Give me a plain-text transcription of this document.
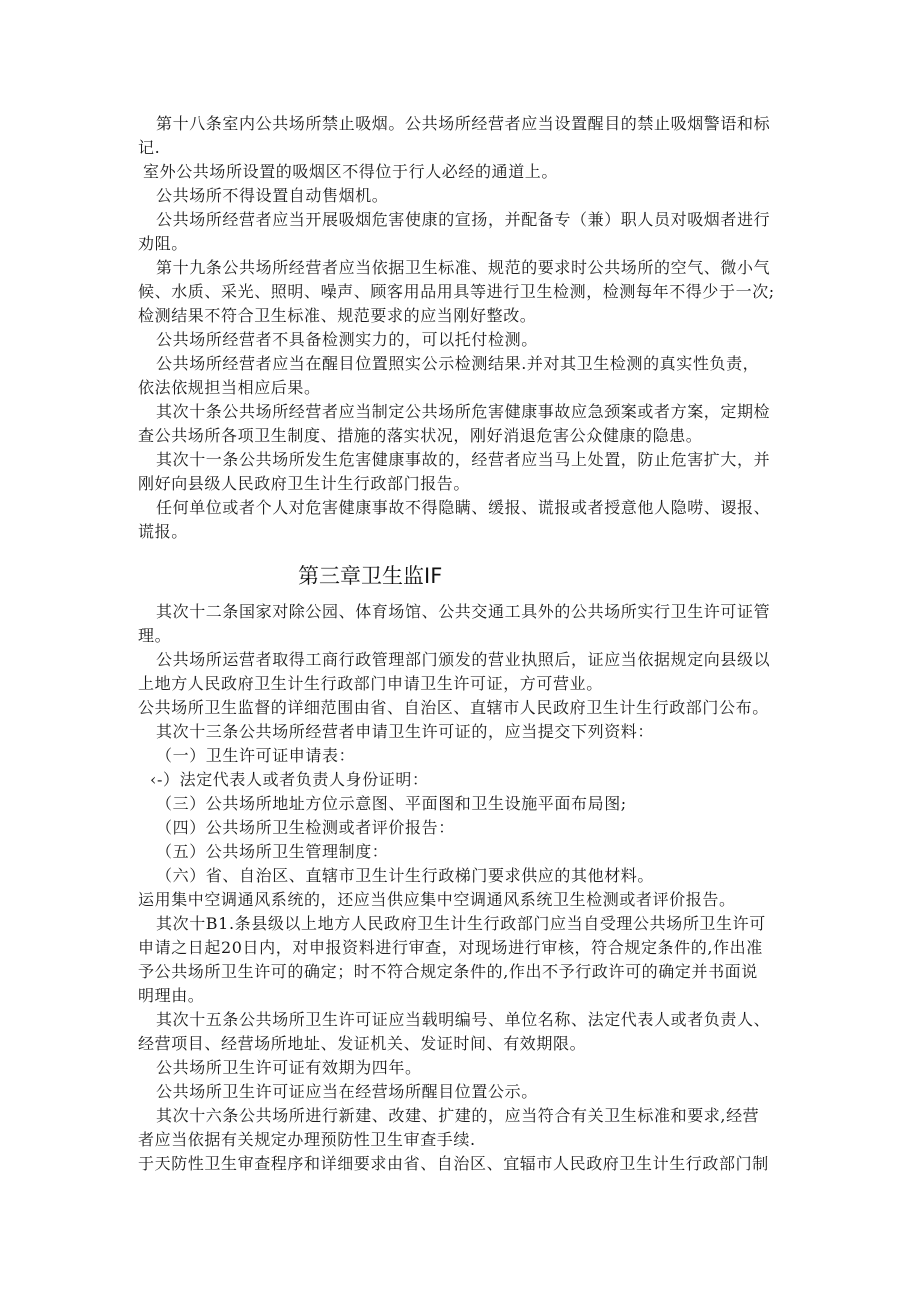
第十八条室内公共场所禁止吸烟。公共场所经营者应当设置醒目的禁止吸烟警语和标
记.
室外公共场所设置的吸烟区不得位于行人必经的通道上。
公共场所不得设置自动售烟机。
公共场所经营者应当开展吸烟危害使康的宣扬，并配备专（兼）职人员对吸烟者进行
劝阻。
第十九条公共场所经营者应当依据卫生标准、规范的要求时公共场所的空气、微小气
候、水质、采光、照明、噪声、顾客用品用具等进行卫生检测，检测每年不得少于一次;
检测结果不符合卫生标准、规范要求的应当刚好整改。
公共场所经营者不具备检测实力的，可以托付检测。
公共场所经营者应当在醒目位置照实公示检测结果.并对其卫生检测的真实性负责，
依法依规担当相应后果。
其次十条公共场所经营者应当制定公共场所危害健康事故应急颈案或者方案，定期检
查公共场所各项卫生制度、措施的落实状况，刚好消退危害公众健康的隐患。
其次十一条公共场所发生危害健康事故的，经营者应当马上处置，防止危害扩大，并
刚好向县级人民政府卫生计生行政部门报告。
任何单位或者个人对危害健康事故不得隐瞒、缓报、谎报或者授意他人隐唠、谡报、
谎报。
第三章卫生监IF
其次十二条国家对除公园、体育场馆、公共交通工具外的公共场所实行卫生许可证管
理。
公共场所运营者取得工商行政管理部门颁发的营业执照后，证应当依据规定向县级以
上地方人民政府卫生计生行政部门申请卫生许可证，方可营业。
公共场所卫生监督的详细范围由省、自治区、直辖市人民政府卫生计生行政部门公布。
其次十三条公共场所经营者申请卫生许可证的，应当提交下列资料：
（一）卫生许可证申请表：
‹-）法定代表人或者负责人身份证明：
（三）公共场所地址方位示意图、平面图和卫生设施平面布局图;
（四）公共场所卫生检测或者评价报告：
（五）公共场所卫生管理制度：
（六）省、自治区、直辖市卫生计生行政梯门要求供应的其他材料。
运用集中空调通风系统的，还应当供应集中空调通风系统卫生检测或者评价报告。
其次十B1.条县级以上地方人民政府卫生计生行政部门应当自受理公共场所卫生许可
申请之日起20日内，对申报资料进行审查，对现场进行审核，符合规定条件的,作出准
予公共场所卫生许可的确定；时不符合规定条件的,作出不予行政许可的确定并书面说
明理由。
其次十五条公共场所卫生许可证应当载明编号、单位名称、法定代表人或者负责人、
经营项目、经营场所地址、发证机关、发证时间、有效期限。
公共场所卫生许可证有效期为四年。
公共场所卫生许可证应当在经营场所醒目位置公示。
其次十六条公共场所进行新建、改建、扩建的，应当符合有关卫生标准和要求,经营
者应当依据有关规定办理预防性卫生审查手续.
于天防性卫生审查程序和详细要求由省、自治区、宜辐市人民政府卫生计生行政部门制
